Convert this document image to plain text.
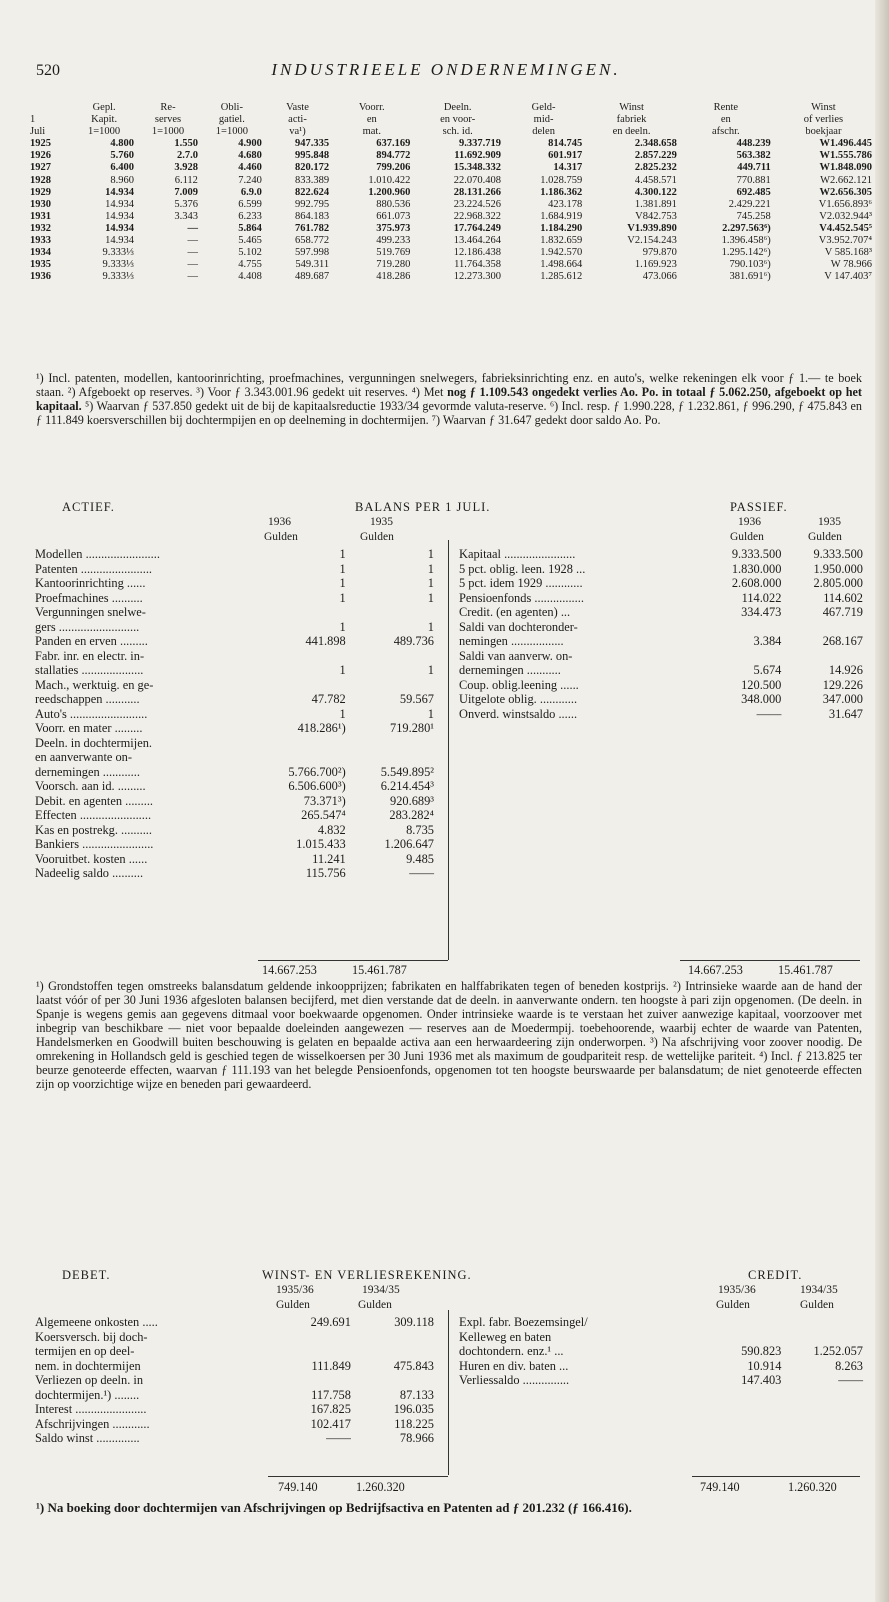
520	INDUSTRIEELE ONDERNEMINGEN.
	Gepl.	Re-	Obli-	Vaste	Voorr.	Deeln.	Geld-	Winst	Rente	Winst
1	Kapit.	serves	gatiel.	acti-	en	en voor-	mid-	fabriek	en	of verlies
Juli	1=1000	1=1000	1=1000	va¹)	mat.	sch. id.	delen	en deeln.	afschr.	boekjaar
1925	4.800	1.550	4.900	947.335	637.169	9.337.719	814.745	2.348.658	448.239	W1.496.445
1926	5.760	2.7.0	4.680	995.848	894.772	11.692.909	601.917	2.857.229	563.382	W1.555.786
1927	6.400	3.928	4.460	820.172	799.206	15.348.332	14.317	2.825.232	449.711	W1.848.090
1928	8.960	6.112	7.240	833.389	1.010.422	22.070.408	1.028.759	4.458.571	770.881	W2.662.121
1929	14.934	7.009	6.9.0	822.624	1.200.960	28.131.266	1.186.362	4.300.122	692.485	W2.656.305
1930	14.934	5.376	6.599	992.795	880.536	23.224.526	423.178	1.381.891	2.429.221	V1.656.893⁶
1931	14.934	3.343	6.233	864.183	661.073	22.968.322	1.684.919	V842.753	745.258	V2.032.944³
1932	14.934	—	5.864	761.782	375.973	17.764.249	1.184.290	V1.939.890	2.297.563⁶)	V4.452.545⁵
1933	14.934	—	5.465	658.772	499.233	13.464.264	1.832.659	V2.154.243	1.396.458⁶)	V3.952.707⁴
1934	9.333⅓	—	5.102	597.998	519.769	12.186.438	1.942.570	979.870	1.295.142⁶)	V 585.168³
1935	9.333⅓	—	4.755	549.311	719.280	11.764.358	1.498.664	1.169.923	790.103⁶)	W 78.966
1936	9.333⅓	—	4.408	489.687	418.286	12.273.300	1.285.612	473.066	381.691⁶)	V 147.403⁷
¹) Incl. patenten, modellen, kantoorinrichting, proefmachines, vergunningen snelwegers, fabrieksinrichting enz. en auto's, welke rekeningen elk voor ƒ 1.— te boek staan. ²) Afgeboekt op reserves. ³) Voor ƒ 3.343.001.96 gedekt uit reserves. ⁴) Met nog ƒ 1.109.543 ongedekt verlies Ao. Po. in totaal ƒ 5.062.250, afgeboekt op het kapitaal. ⁵) Waarvan ƒ 537.850 gedekt uit de bij de kapitaalsreductie 1933/34 gevormde valuta-reserve. ⁶) Incl. resp. ƒ 1.990.228, ƒ 1.232.861, ƒ 996.290, ƒ 475.843 en ƒ 111.849 koersverschillen bij dochtermpijen en op deelneming in dochtermijen. ⁷) Waarvan ƒ 31.647 gedekt door saldo Ao. Po.
ACTIEF.	BALANS PER 1 JULI.	PASSIEF.
1936	1935
Gulden	Gulden
1936	1935
Gulden	Gulden
Modellen ........................	1	1
Patenten .......................	1	1
Kantoorinrichting ......	1	1
Proefmachines ..........	1	1
Vergunningen snelwe-		
gers ..........................	1	1
Panden en erven .........	441.898	489.736
Fabr. inr. en electr. in-		
stallaties ....................	1	1
Mach., werktuig. en ge-		
reedschappen ...........	47.782	59.567
Auto's .........................	1	1
Voorr. en mater .........	418.286¹)	719.280¹
Deeln. in dochtermijen.		
en aanverwante on-		
dernemingen ............	5.766.700²)	5.549.895²
Voorsch. aan id. .........	6.506.600³)	6.214.454³
Debit. en agenten .........	73.371³)	920.689³
Effecten .......................	265.547⁴	283.282⁴
Kas en postrekg. ..........	4.832	8.735
Bankiers .......................	1.015.433	1.206.647
Vooruitbet. kosten ......	11.241	9.485
Nadeelig saldo ..........	115.756	——
Kapitaal .......................	9.333.500	9.333.500
5 pct. oblig. leen. 1928 ...	1.830.000	1.950.000
5 pct. idem 1929 ............	2.608.000	2.805.000
Pensioenfonds ................	114.022	114.602
Credit. (en agenten) ...	334.473	467.719
Saldi van dochteronder-		
nemingen .................	3.384	268.167
Saldi van aanverw. on-		
dernemingen ...........	5.674	14.926
Coup. oblig.leening ......	120.500	129.226
Uitgelote oblig. ............	348.000	347.000
Onverd. winstsaldo ......	——	31.647
14.667.253	15.461.787	14.667.253	15.461.787
¹) Grondstoffen tegen omstreeks balansdatum geldende inkoopprijzen; fabrikaten en halffabrikaten tegen of beneden kostprijs. ²) Intrinsieke waarde aan de hand der laatst vóór of per 30 Juni 1936 afgesloten balansen becijferd, met dien verstande dat de deeln. in aanverwante ondern. ten hoogste à pari zijn opgenomen. (De deeln. in Spanje is wegens gemis aan gegevens ditmaal voor boekwaarde opgenomen. Onder intrinsieke waarde is te verstaan het zuiver aanwezige kapitaal, voorzoover met inbegrip van beschikbare — niet voor bepaalde doeleinden aangewezen — reserves aan de Moedermpij. toebehoorende, waarbij echter de waarde van Patenten, Handelsmerken en Goodwill buiten beschouwing is gelaten en bepaalde activa aan een herwaardeering zijn onderworpen. ³) Na afschrijving voor zoover noodig. De omrekening in Hollandsch geld is geschied tegen de wisselkoersen per 30 Juni 1936 met als maximum de goudpariteit resp. de wettelijke pariteit. ⁴) Incl. ƒ 213.825 ter beurze genoteerde effecten, waarvan ƒ 111.193 van het belegde Pensioenfonds, opgenomen tot ten hoogste beurswaarde per balansdatum; de niet genoteerde effecten zijn op voorzichtige wijze en beneden pari gewaardeerd.
DEBET.	WINST- EN VERLIESREKENING.	CREDIT.
1935/36	1934/35
Gulden	Gulden
1935/36	1934/35
Gulden	Gulden
Algemeene onkosten .....	249.691	309.118
Koersversch. bij doch-		
termijen en op deel-		
nem. in dochtermijen	111.849	475.843
Verliezen op deeln. in		
dochtermijen.¹) ........	117.758	87.133
Interest .......................	167.825	196.035
Afschrijvingen ............	102.417	118.225
Saldo winst ..............	——	78.966
Expl. fabr. Boezemsingel/		
Kelleweg en baten		
dochtondern. enz.¹ ...	590.823	1.252.057
Huren en div. baten ...	10.914	8.263
Verliessaldo ...............	147.403	——
749.140	1.260.320	749.140	1.260.320
¹) Na boeking door dochtermijen van Afschrijvingen op Bedrijfsactiva en Patenten ad ƒ 201.232 (ƒ 166.416).
